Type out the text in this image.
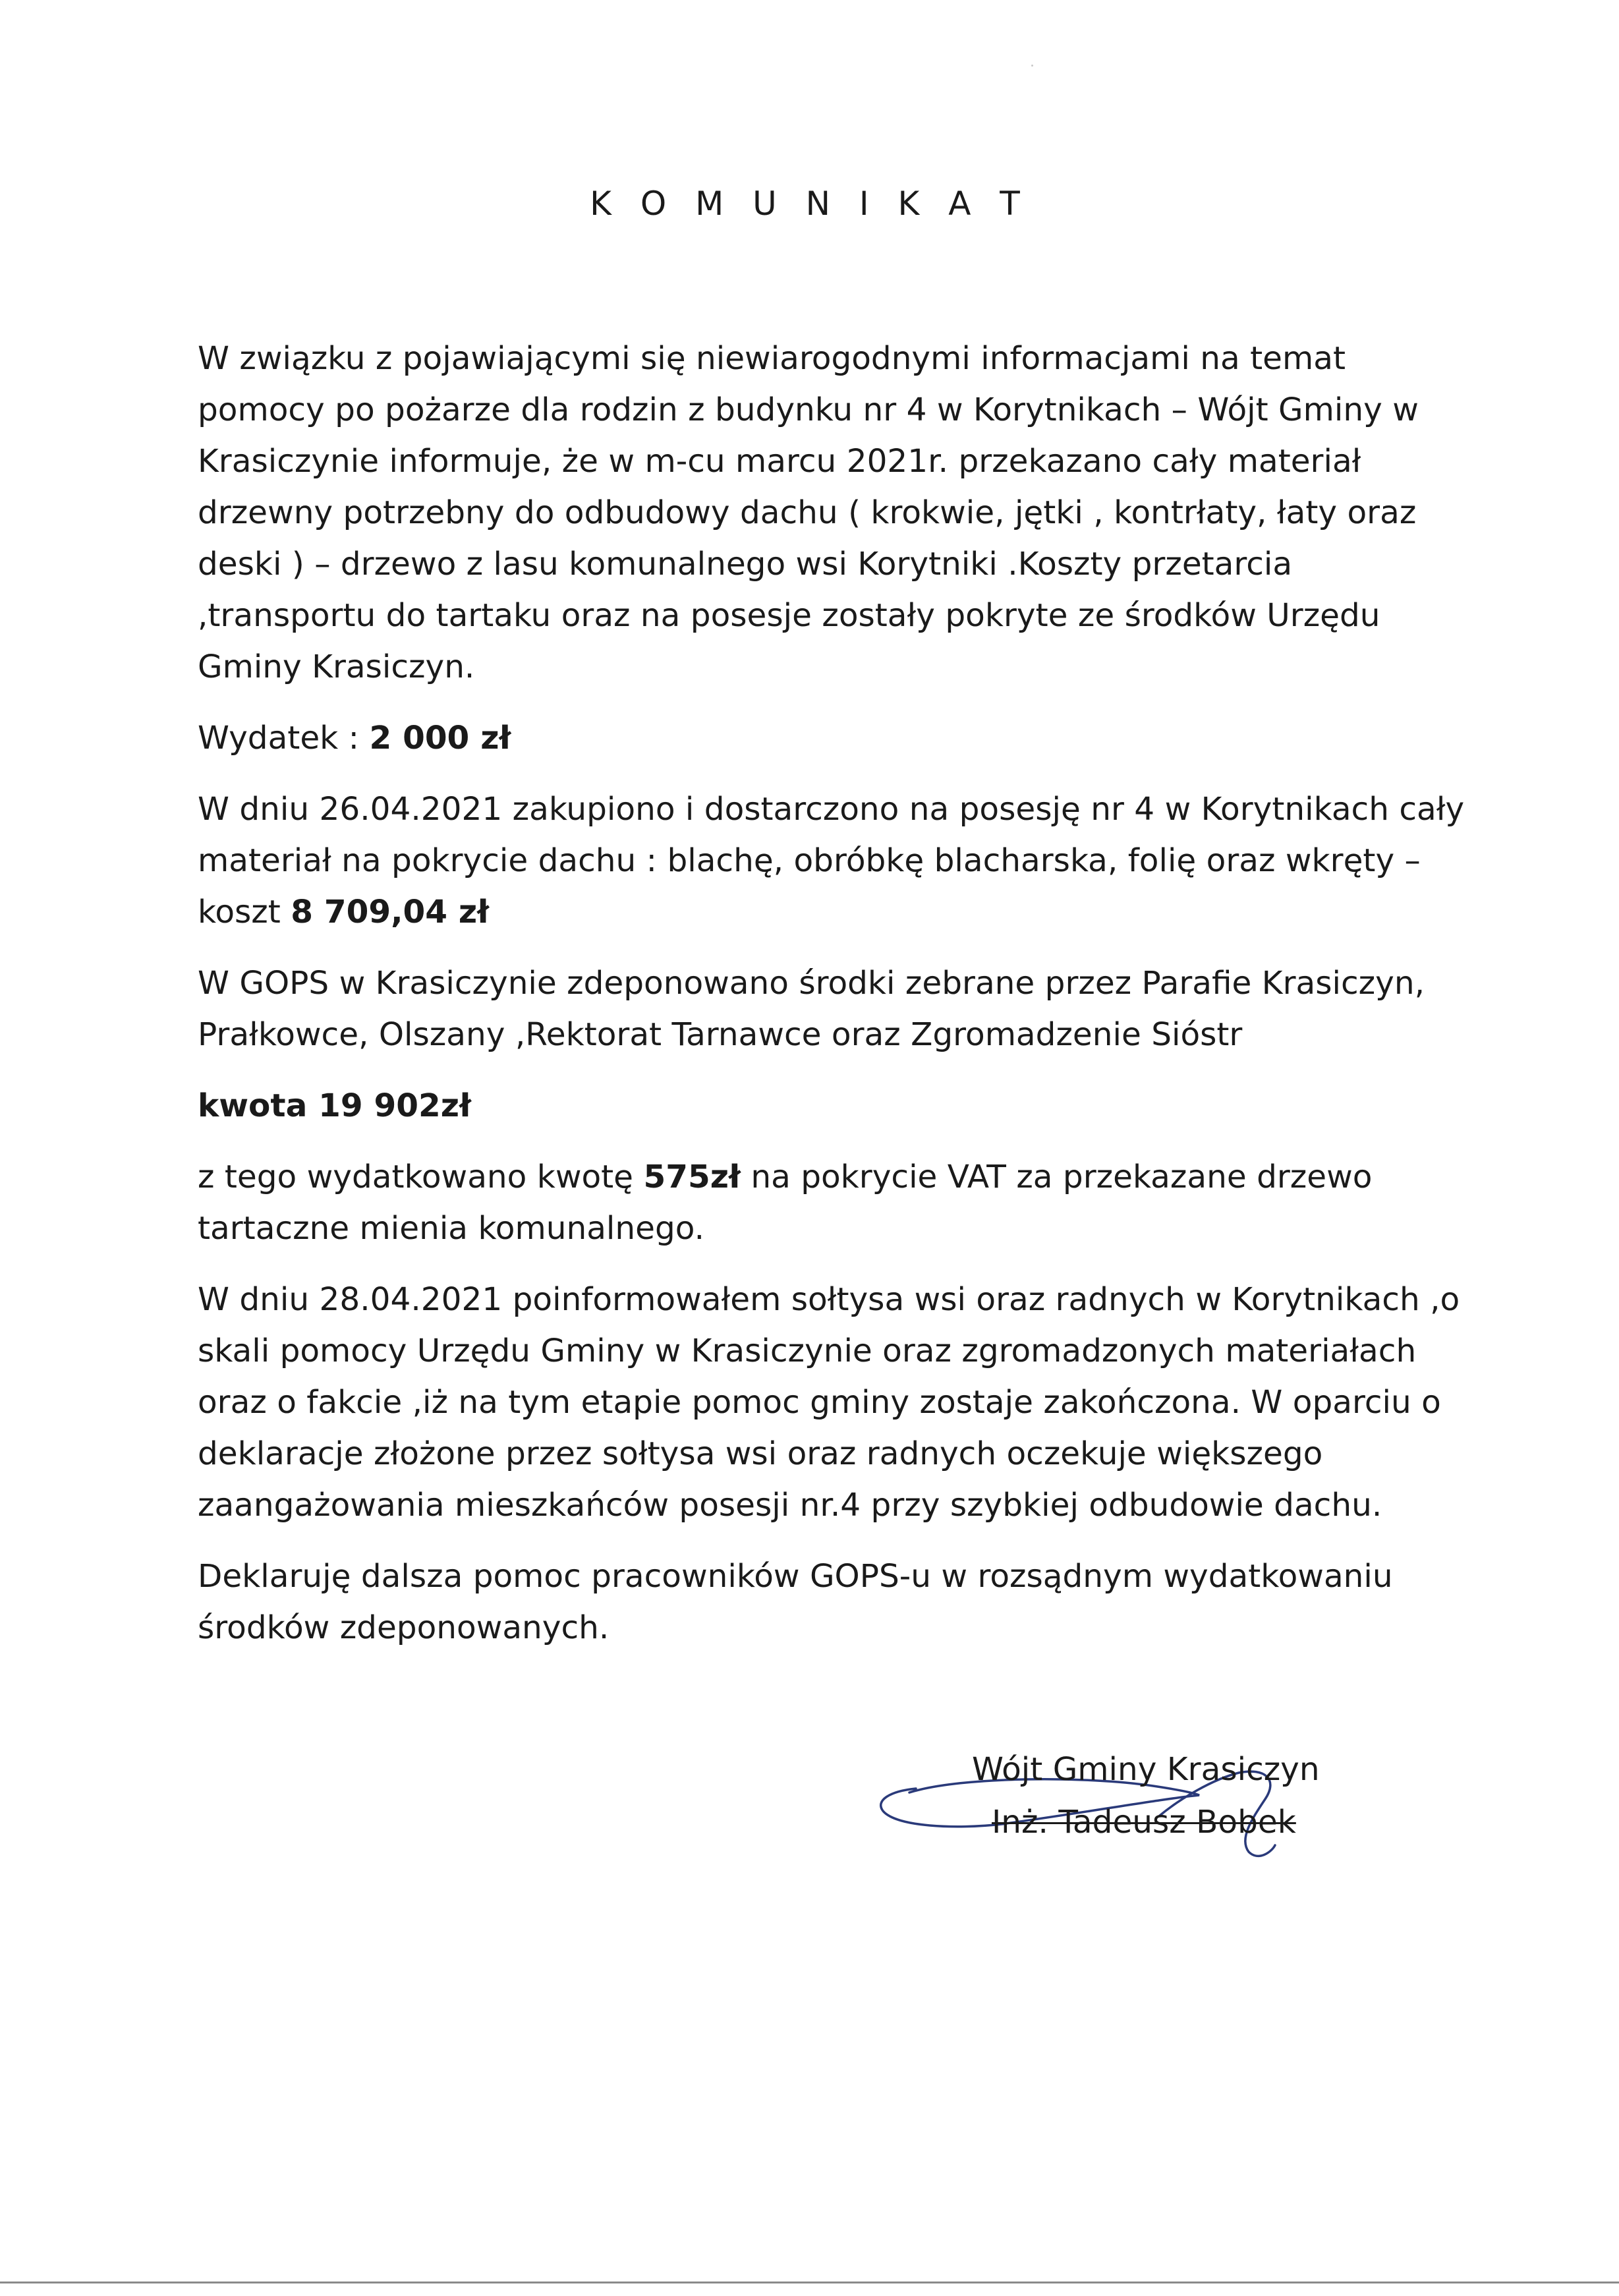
K O M U N I K A T

W związku z pojawiającymi się niewiarogodnymi informacjami na temat
pomocy po pożarze dla rodzin z budynku nr 4 w Korytnikach – Wójt Gminy w
Krasiczynie informuje, że w m-cu marcu 2021r. przekazano cały materiał
drzewny potrzebny do odbudowy dachu ( krokwie, jętki , kontrłaty, łaty oraz
deski ) – drzewo z lasu komunalnego wsi Korytniki .Koszty przetarcia
,transportu do tartaku oraz na posesje zostały pokryte ze środków Urzędu
Gminy Krasiczyn.

Wydatek : 2 000 zł

W dniu 26.04.2021 zakupiono i dostarczono na posesję nr 4 w Korytnikach cały
materiał na pokrycie dachu : blachę, obróbkę blacharska, folię oraz wkręty –
koszt 8 709,04 zł

W GOPS w Krasiczynie zdeponowano środki zebrane przez Parafie Krasiczyn,
Prałkowce, Olszany ,Rektorat Tarnawce oraz Zgromadzenie Sióstr

kwota 19 902zł

z tego wydatkowano kwotę 575zł na pokrycie VAT za przekazane drzewo
tartaczne mienia komunalnego.

W dniu 28.04.2021 poinformowałem sołtysa wsi oraz radnych w Korytnikach ,o
skali pomocy Urzędu Gminy w Krasiczynie oraz zgromadzonych materiałach
oraz o fakcie ,iż na tym etapie pomoc gminy zostaje zakończona. W oparciu o
deklaracje złożone przez sołtysa wsi oraz radnych oczekuje większego
zaangażowania mieszkańców posesji nr.4 przy szybkiej odbudowie dachu.

Deklaruję dalsza pomoc pracowników GOPS-u w rozsądnym wydatkowaniu
środków zdeponowanych.

Wójt Gminy Krasiczyn
Inż. Tadeusz Bobek
